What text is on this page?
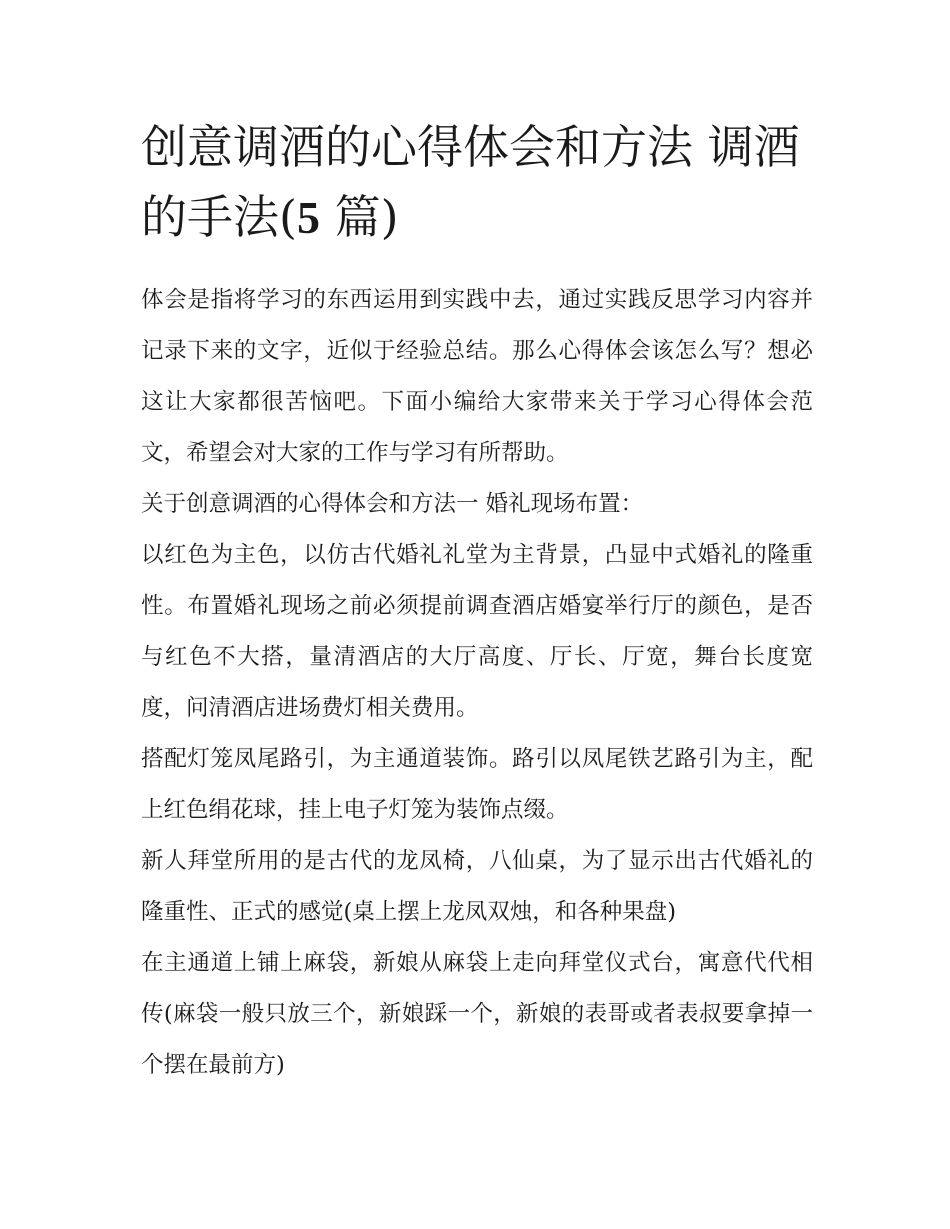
创意调酒的心得体会和方法 调酒的手法(5 篇)

体会是指将学习的东西运用到实践中去，通过实践反思学习内容并记录下来的文字，近似于经验总结。那么心得体会该怎么写？想必这让大家都很苦恼吧。下面小编给大家带来关于学习心得体会范文，希望会对大家的工作与学习有所帮助。

关于创意调酒的心得体会和方法一 婚礼现场布置：

以红色为主色，以仿古代婚礼礼堂为主背景，凸显中式婚礼的隆重性。布置婚礼现场之前必须提前调查酒店婚宴举行厅的颜色，是否与红色不大搭，量清酒店的大厅高度、厅长、厅宽，舞台长度宽度，问清酒店进场费灯相关费用。

搭配灯笼凤尾路引，为主通道装饰。路引以凤尾铁艺路引为主，配上红色绢花球，挂上电子灯笼为装饰点缀。

新人拜堂所用的是古代的龙凤椅，八仙桌，为了显示出古代婚礼的隆重性、正式的感觉(桌上摆上龙凤双烛，和各种果盘)

在主通道上铺上麻袋，新娘从麻袋上走向拜堂仪式台，寓意代代相传(麻袋一般只放三个，新娘踩一个，新娘的表哥或者表叔要拿掉一个摆在最前方)
